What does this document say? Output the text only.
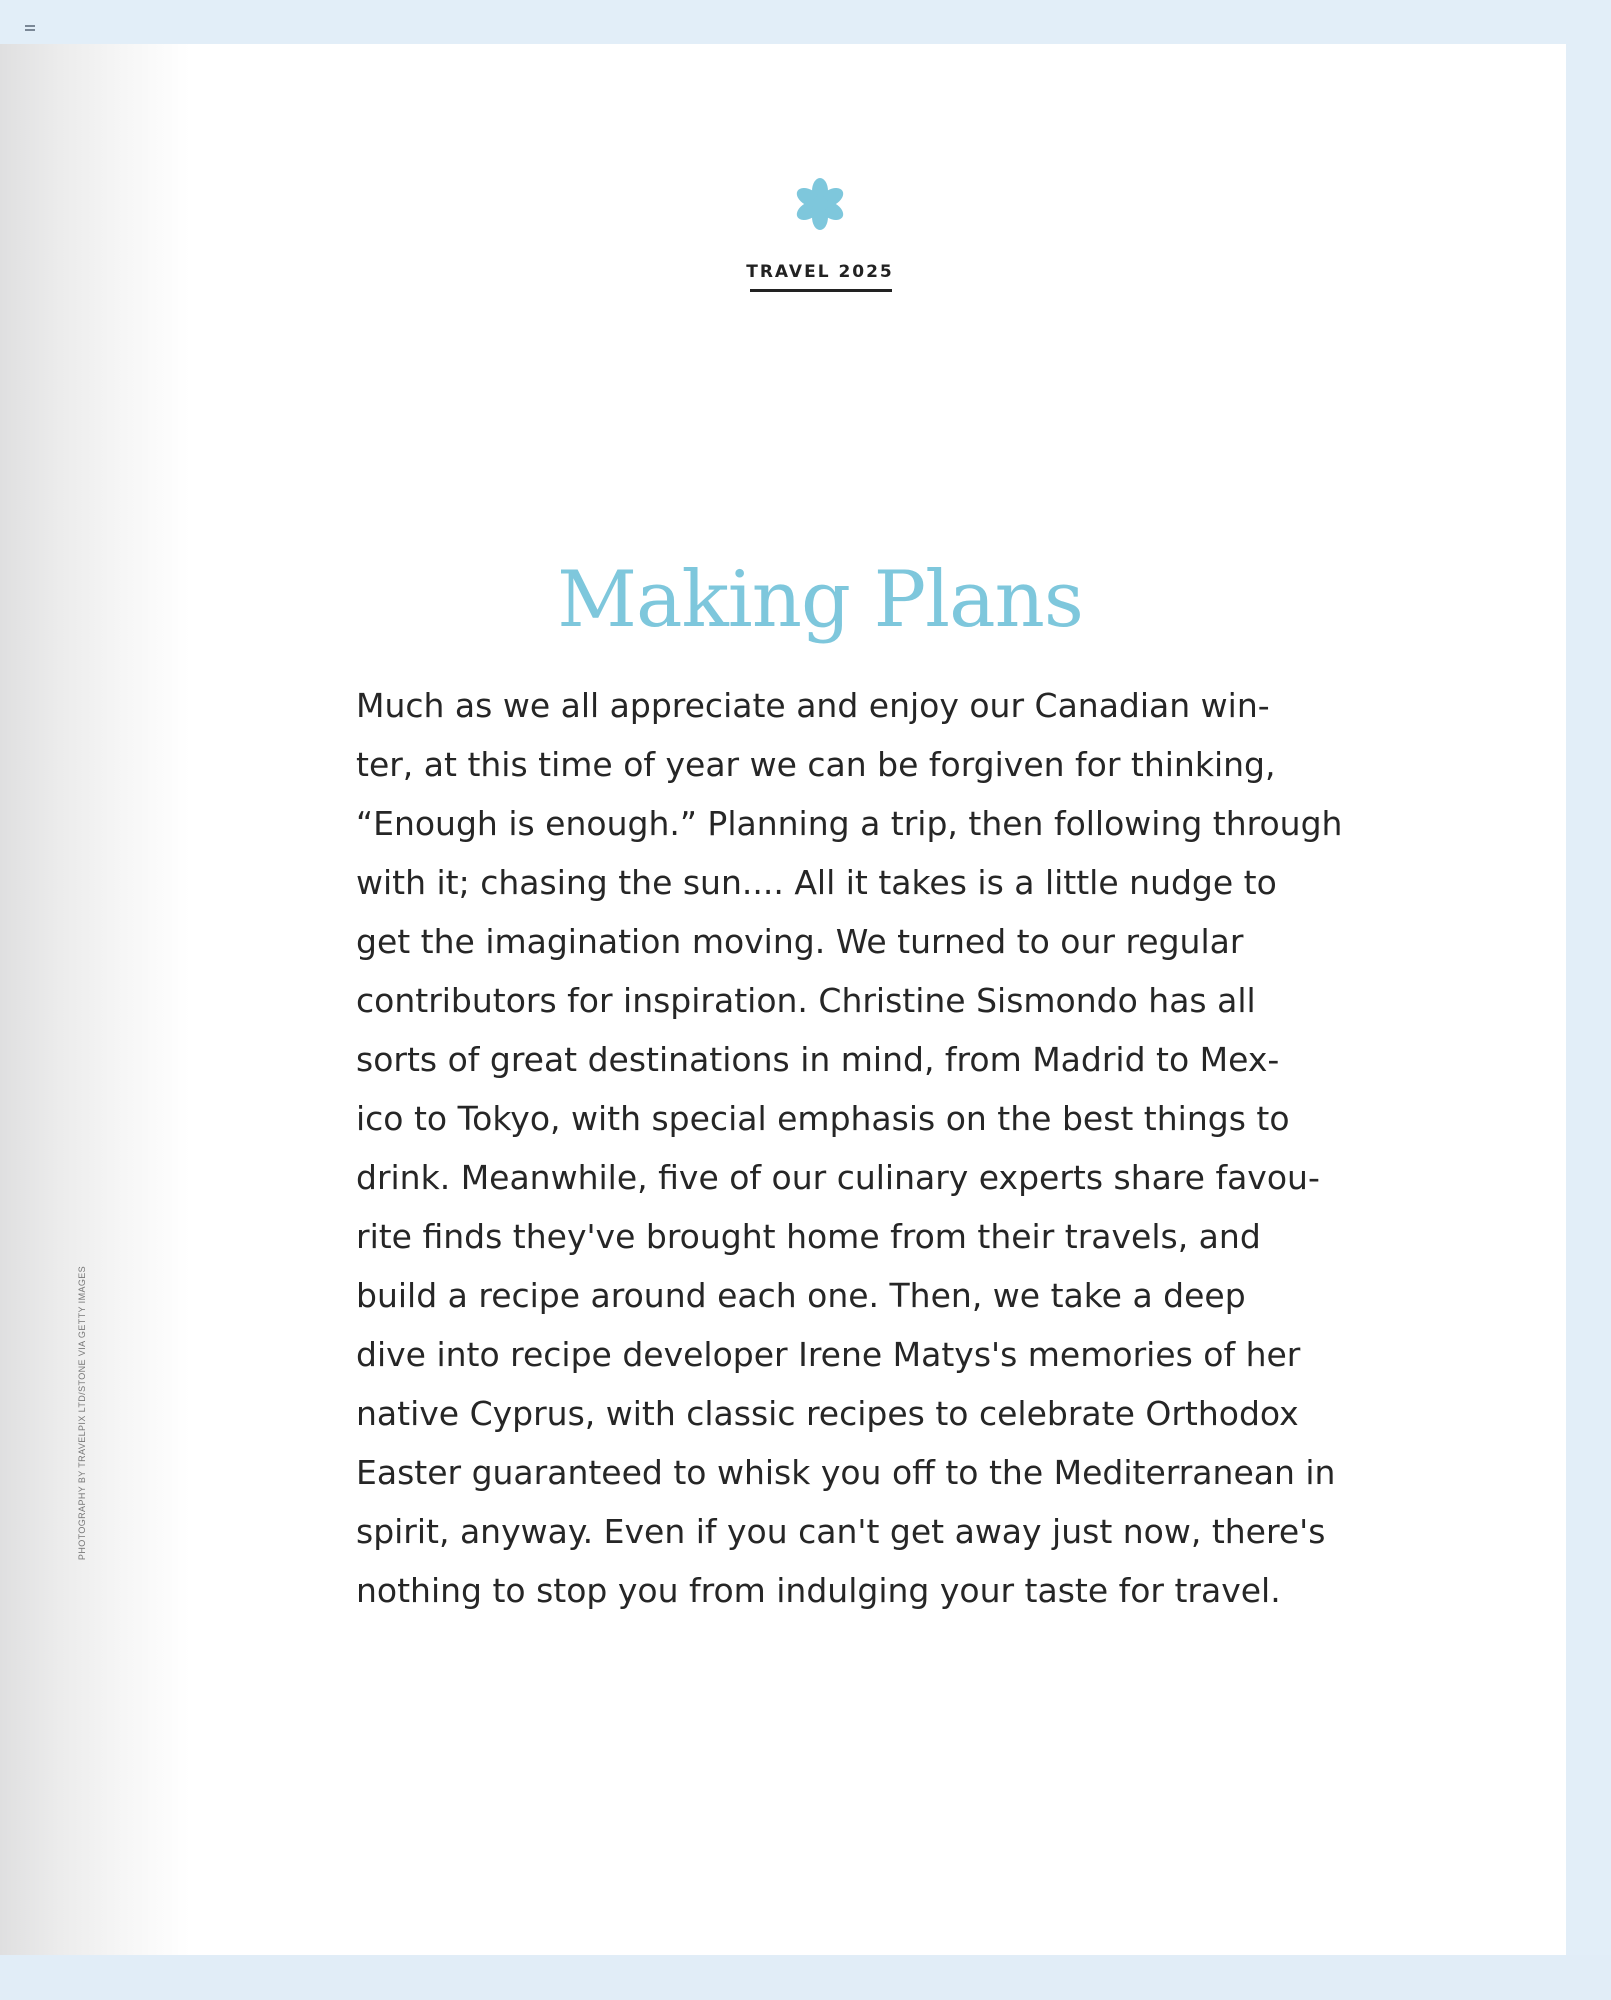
TRAVEL 2025
Making Plans
Much as we all appreciate and enjoy our Canadian win-
ter, at this time of year we can be forgiven for thinking,
“Enough is enough.” Planning a trip, then following through
with it; chasing the sun.... All it takes is a little nudge to
get the imagination moving. We turned to our regular
contributors for inspiration. Christine Sismondo has all
sorts of great destinations in mind, from Madrid to Mex-
ico to Tokyo, with special emphasis on the best things to
drink. Meanwhile, five of our culinary experts share favou-
rite finds they've brought home from their travels, and
build a recipe around each one. Then, we take a deep
dive into recipe developer Irene Matys's memories of her
native Cyprus, with classic recipes to celebrate Orthodox
Easter guaranteed to whisk you off to the Mediterranean in
spirit, anyway. Even if you can't get away just now, there's
nothing to stop you from indulging your taste for travel.
PHOTOGRAPHY BY TRAVELPIX LTD/STONE VIA GETTY IMAGES
